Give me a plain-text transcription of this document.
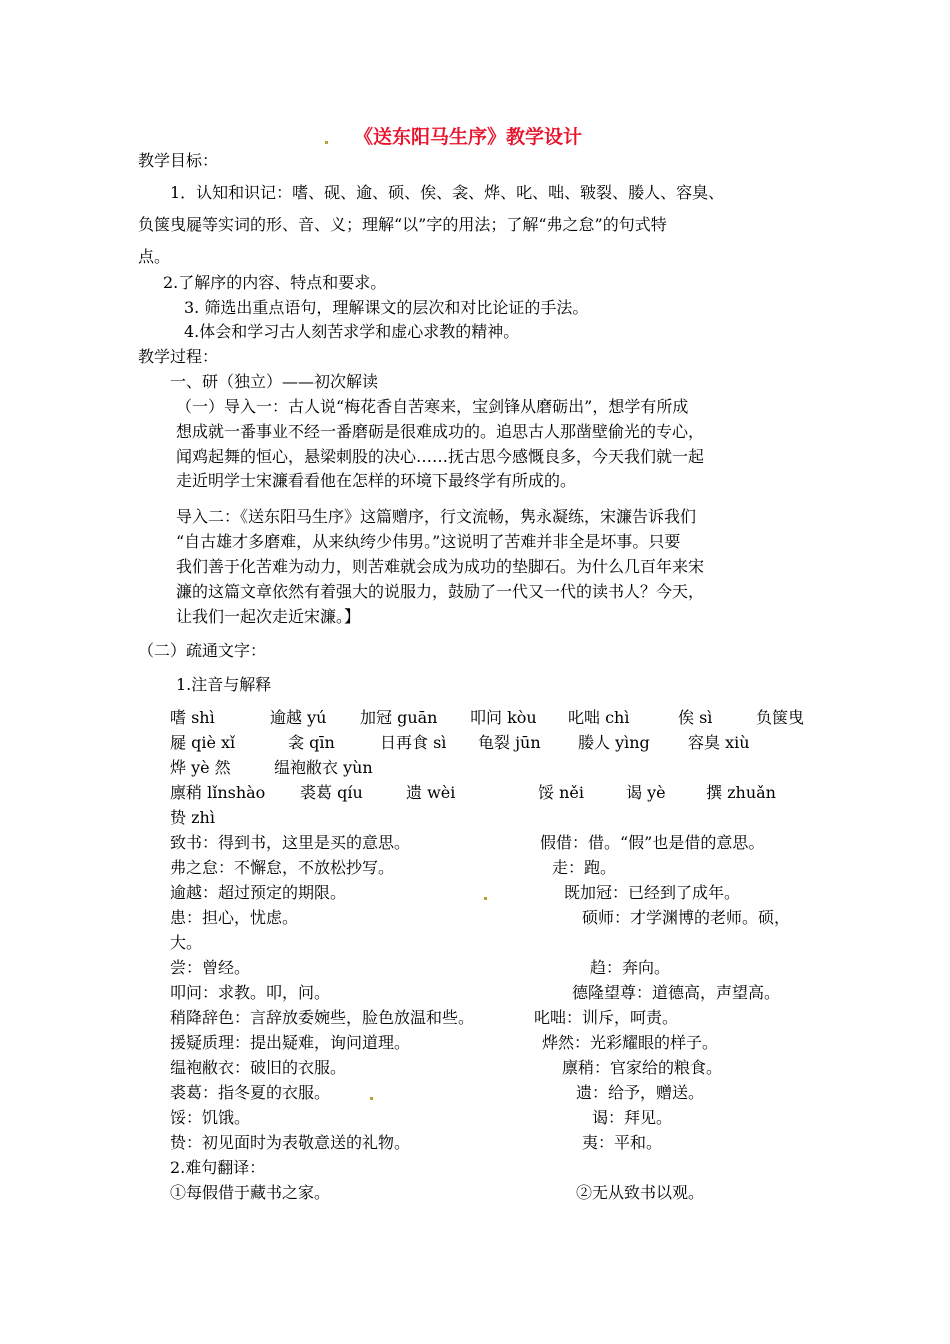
《送东阳马生序》教学设计
教学目标：
1．认知和识记：嗜、砚、逾、硕、俟、衾、烨、叱、咄、皲裂、媵人、容臭、
负箧曳屣等实词的形、音、义；理解“以”字的用法；了解“弗之怠”的句式特
点。
2.了解序的内容、特点和要求。
3. 筛选出重点语句，理解课文的层次和对比论证的手法。
4.体会和学习古人刻苦求学和虚心求教的精神。
教学过程：
一、研（独立）——初次解读
（一）导入一：古人说“梅花香自苦寒来，宝剑锋从磨砺出”，想学有所成
想成就一番事业不经一番磨砺是很难成功的。追思古人那凿壁偷光的专心，
闻鸡起舞的恒心，悬梁刺股的决心……抚古思今感慨良多，今天我们就一起
走近明学士宋濂看看他在怎样的环境下最终学有所成的。
导入二：《送东阳马生序》这篇赠序，行文流畅，隽永凝练，宋濂告诉我们
“自古雄才多磨难，从来纨绔少伟男。”这说明了苦难并非全是坏事。只要
我们善于化苦难为动力，则苦难就会成为成功的垫脚石。为什么几百年来宋
濂的这篇文章依然有着强大的说服力，鼓励了一代又一代的读书人？今天，
让我们一起次走近宋濂。】
（二）疏通文字：
1.注音与解释
嗜 shì	逾越 yú 加冠 guān 叩问 kòu 叱咄 chì	俟 sì	负箧曳
屣 qiè xǐ	衾 qīn	日再食 sì 龟裂 jūn 媵人 yìng 容臭 xiù
烨 yè 然	缊袍敝衣 yùn
廪稍 lǐnshào 裘葛 qíu	遗 wèi	馁 něi	谒 yè	撰 zhuǎn
贽 zhì
致书：得到书，这里是买的意思。	假借：借。“假”也是借的意思。
弗之怠：不懈怠，不放松抄写。	走：跑。
逾越：超过预定的期限。	既加冠：已经到了成年。
患：担心，忧虑。	硕师：才学渊博的老师。硕，
大。
尝：曾经。	趋：奔向。
叩问：求教。叩，问。	德隆望尊：道德高，声望高。
稍降辞色：言辞放委婉些，脸色放温和些。	叱咄：训斥，呵责。
援疑质理：提出疑难，询问道理。	烨然：光彩耀眼的样子。
缊袍敝衣：破旧的衣服。	廪稍：官家给的粮食。
裘葛：指冬夏的衣服。	遗：给予，赠送。
馁：饥饿。	谒：拜见。
贽：初见面时为表敬意送的礼物。	夷：平和。
2.难句翻译：
①每假借于藏书之家。	②无从致书以观。
